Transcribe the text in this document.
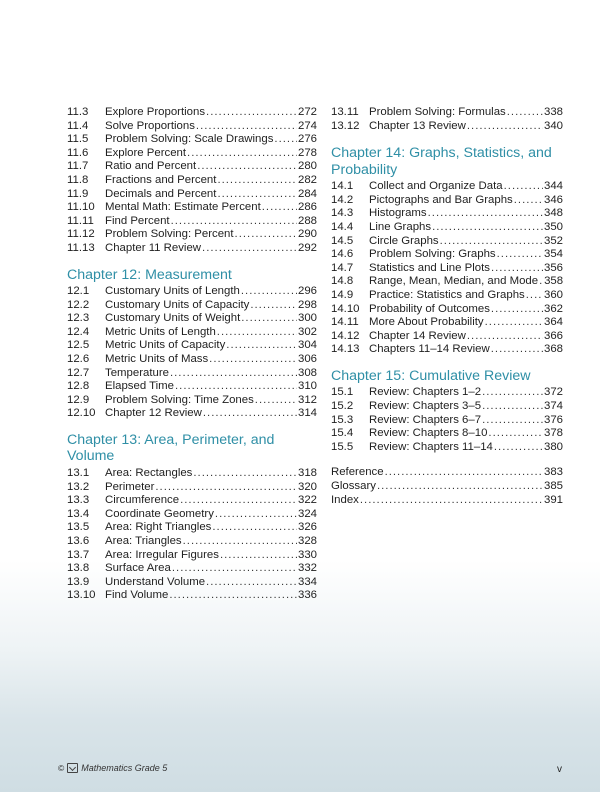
11.3	Explore Proportions .....	272
11.4	Solve Proportions .....	274
11.5	Problem Solving: Scale Drawings ..... 276
11.6	Explore Percent .....	278
11.7	Ratio and Percent .....	280
11.8	Fractions and Percent .....	282
11.9	Decimals and Percent .....	284
11.10 Mental Math: Estimate Percent .....	286
11.11 Find Percent .....	288
11.12 Problem Solving: Percent .....	290
11.13 Chapter 11 Review .....	292
Chapter 12: Measurement
12.1	Customary Units of Length .....	296
12.2	Customary Units of Capacity .....	298
12.3	Customary Units of Weight .....	300
12.4	Metric Units of Length .....	302
12.5	Metric Units of Capacity .....	304
12.6	Metric Units of Mass .....	306
12.7	Temperature .....	308
12.8	Elapsed Time .....	310
12.9	Problem Solving: Time Zones .....	312
12.10 Chapter 12 Review .....	314
Chapter 13: Area, Perimeter, and Volume
13.1	Area: Rectangles .....	318
13.2	Perimeter .....	320
13.3	Circumference .....	322
13.4	Coordinate Geometry .....	324
13.5	Area: Right Triangles .....	326
13.6	Area: Triangles .....	328
13.7	Area: Irregular Figures .....	330
13.8	Surface Area .....	332
13.9	Understand Volume .....	334
13.10 Find Volume .....	336
13.11 Problem Solving: Formulas .....	338
13.12 Chapter 13 Review .....	340
Chapter 14: Graphs, Statistics, and Probability
14.1	Collect and Organize Data .....	344
14.2	Pictographs and Bar Graphs .....	346
14.3	Histograms .....	348
14.4	Line Graphs .....	350
14.5	Circle Graphs .....	352
14.6	Problem Solving: Graphs .....	354
14.7	Statistics and Line Plots .....	356
14.8	Range, Mean, Median, and Mode ..... 358
14.9	Practice: Statistics and Graphs ..... 360
14.10 Probability of Outcomes .....	362
14.11 More About Probability .....	364
14.12 Chapter 14 Review .....	366
14.13 Chapters 11–14 Review .....	368
Chapter 15: Cumulative Review
15.1	Review: Chapters 1–2 .....	372
15.2	Review: Chapters 3–5 .....	374
15.3	Review: Chapters 6–7 .....	376
15.4	Review: Chapters 8–10 .....	378
15.5	Review: Chapters 11–14 .....	380
Reference .....	383
Glossary .....	385
Index .....	391
© Mathematics Grade 5	v
